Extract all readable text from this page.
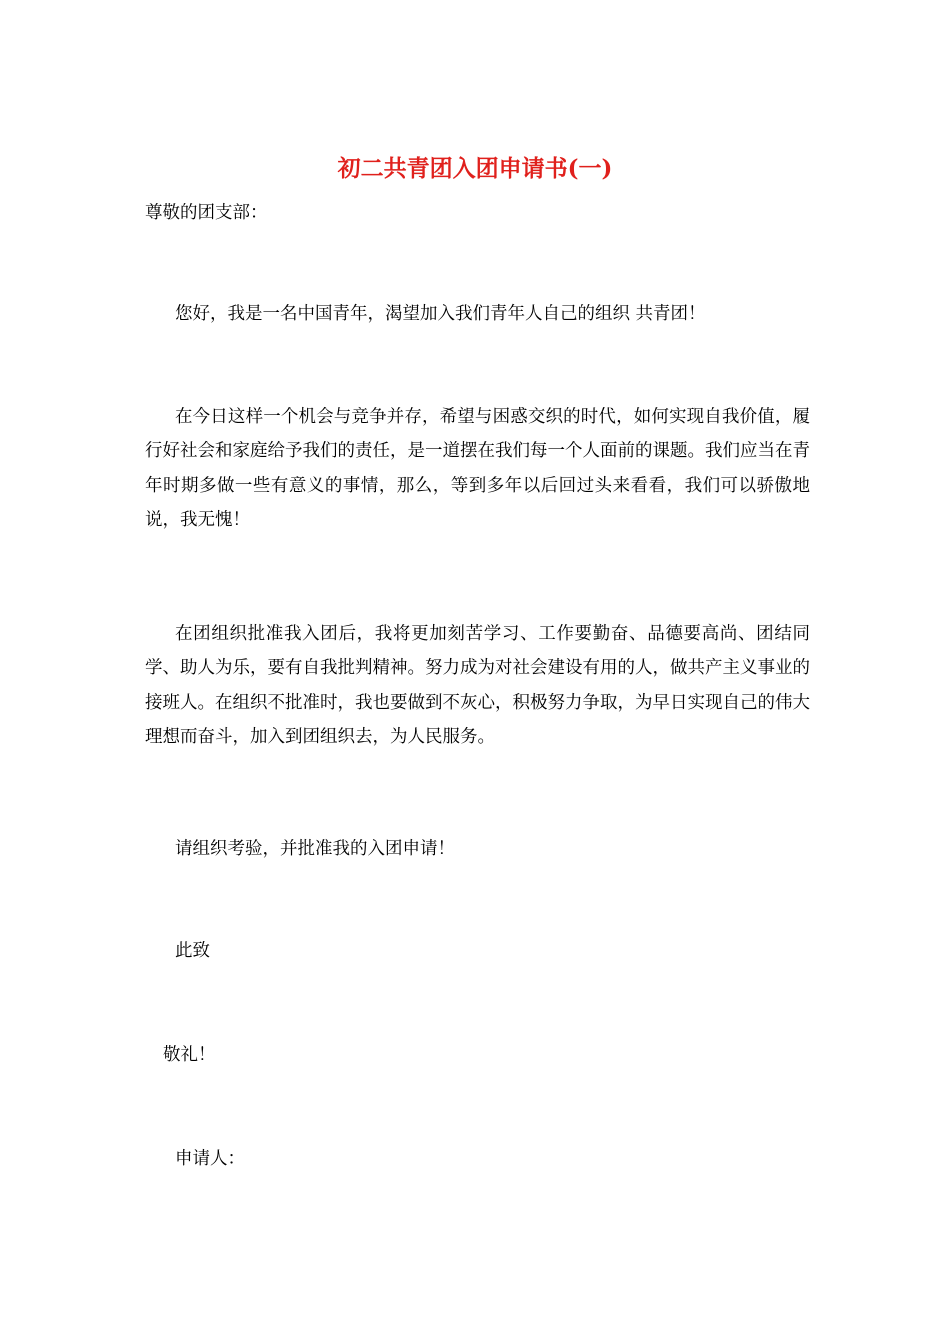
初二共青团入团申请书(一)

尊敬的团支部：

您好，我是一名中国青年，渴望加入我们青年人自己的组织 共青团！

在今日这样一个机会与竞争并存，希望与困惑交织的时代，如何实现自我价值，履行好社会和家庭给予我们的责任，是一道摆在我们每一个人面前的课题。我们应当在青年时期多做一些有意义的事情，那么，等到多年以后回过头来看看，我们可以骄傲地说，我无愧！

在团组织批准我入团后，我将更加刻苦学习、工作要勤奋、品德要高尚、团结同学、助人为乐，要有自我批判精神。努力成为对社会建设有用的人，做共产主义事业的接班人。在组织不批准时，我也要做到不灰心，积极努力争取，为早日实现自己的伟大理想而奋斗，加入到团组织去，为人民服务。

请组织考验，并批准我的入团申请！

此致

敬礼！

申请人：
